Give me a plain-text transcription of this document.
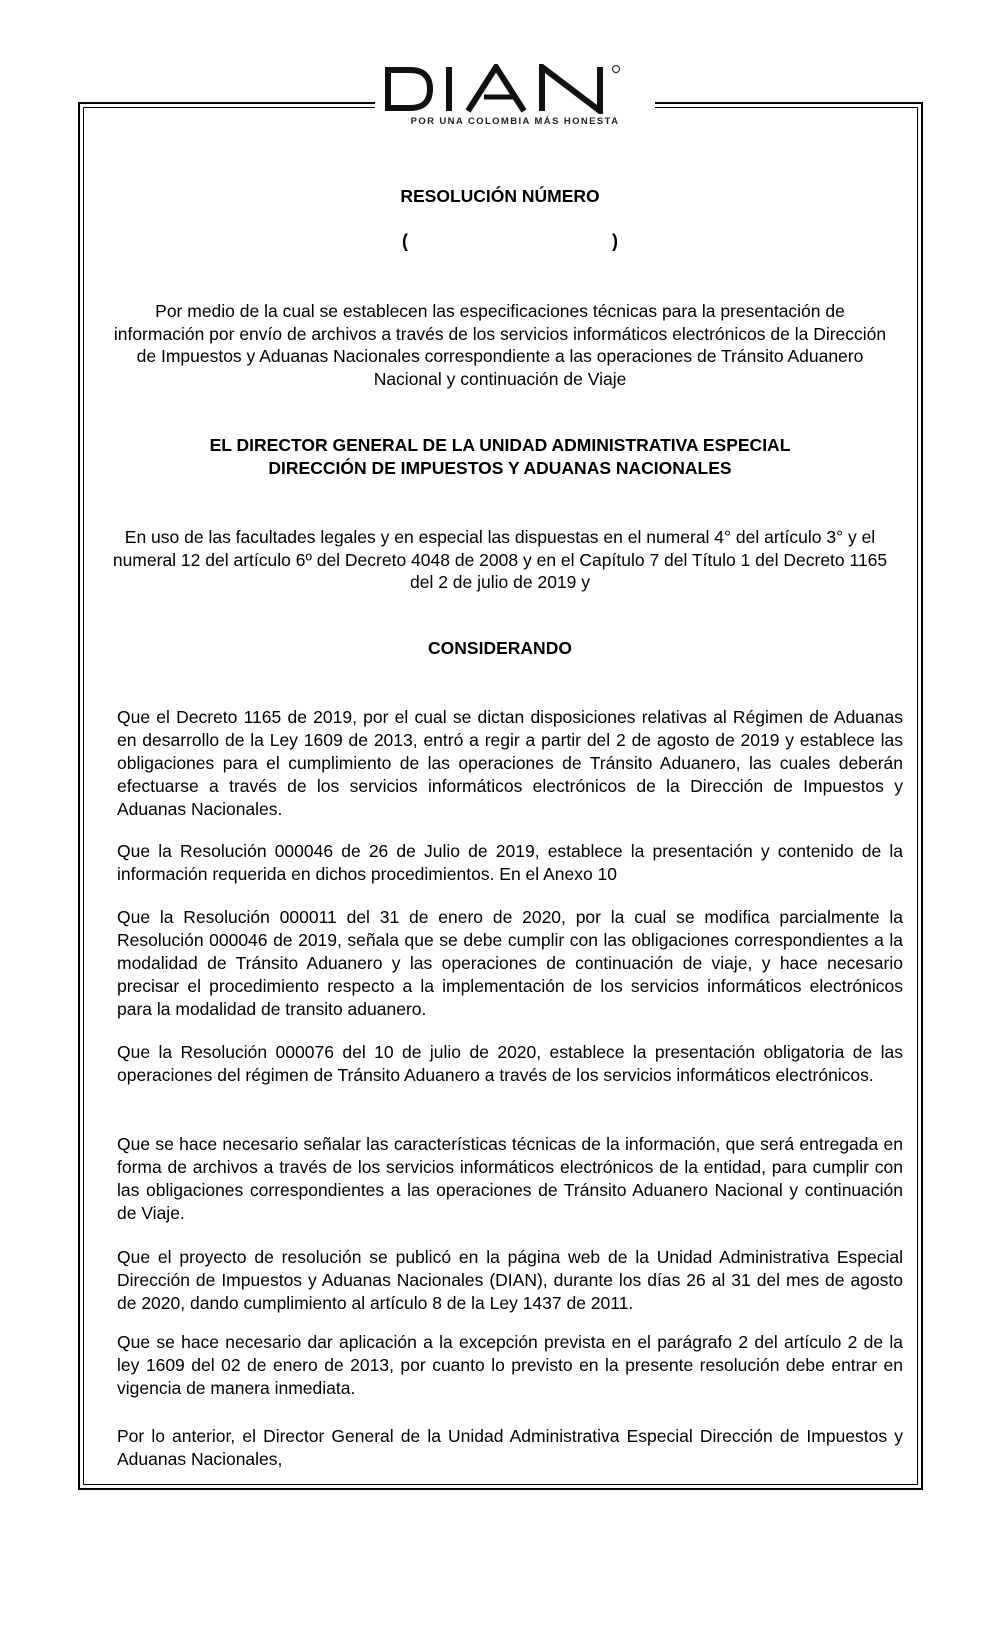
POR UNA COLOMBIA MÁS HONESTA
RESOLUCIÓN NÚMERO
(	)
Por medio de la cual se establecen las especificaciones técnicas para la presentación de información por envío de archivos a través de los servicios informáticos electrónicos de la Dirección de Impuestos y Aduanas Nacionales correspondiente a las operaciones de Tránsito Aduanero Nacional y continuación de Viaje
EL DIRECTOR GENERAL DE LA UNIDAD ADMINISTRATIVA ESPECIAL
DIRECCIÓN DE IMPUESTOS Y ADUANAS NACIONALES
En uso de las facultades legales y en especial las dispuestas en el numeral 4° del artículo 3° y el numeral 12 del artículo 6º del Decreto 4048 de 2008 y en el Capítulo 7 del Título 1 del Decreto 1165 del 2 de julio de 2019 y
CONSIDERANDO

Que el Decreto 1165 de 2019, por el cual se dictan disposiciones relativas al Régimen de Aduanas en desarrollo de la Ley 1609 de 2013, entró a regir a partir del 2 de agosto de 2019 y establece las obligaciones para el cumplimiento de las operaciones de Tránsito Aduanero, las cuales deberán efectuarse a través de los servicios informáticos electrónicos de la Dirección de Impuestos y Aduanas Nacionales.

Que la Resolución 000046 de 26 de Julio de 2019, establece la presentación y contenido de la información requerida en dichos procedimientos. En el Anexo 10

Que la Resolución 000011 del 31 de enero de 2020, por la cual se modifica parcialmente la Resolución 000046 de 2019, señala que se debe cumplir con las obligaciones correspondientes a la modalidad de Tránsito Aduanero y las operaciones de continuación de viaje, y hace necesario precisar el procedimiento respecto a la implementación de los servicios informáticos electrónicos para la modalidad de transito aduanero.

Que la Resolución 000076 del 10 de julio de 2020, establece la presentación obligatoria de las operaciones del régimen de Tránsito Aduanero a través de los servicios informáticos electrónicos.

Que se hace necesario señalar las características técnicas de la información, que será entregada en forma de archivos a través de los servicios informáticos electrónicos de la entidad, para cumplir con las obligaciones correspondientes a las operaciones de Tránsito Aduanero Nacional y continuación de Viaje.

Que el proyecto de resolución se publicó en la página web de la Unidad Administrativa Especial Dirección de Impuestos y Aduanas Nacionales (DIAN), durante los días 26 al 31 del mes de agosto de 2020, dando cumplimiento al artículo 8 de la Ley 1437 de 2011.

Que se hace necesario dar aplicación a la excepción prevista en el parágrafo 2 del artículo 2 de la ley 1609 del 02 de enero de 2013, por cuanto lo previsto en la presente resolución debe entrar en vigencia de manera inmediata.

Por lo anterior, el Director General de la Unidad Administrativa Especial Dirección de Impuestos y Aduanas Nacionales,
